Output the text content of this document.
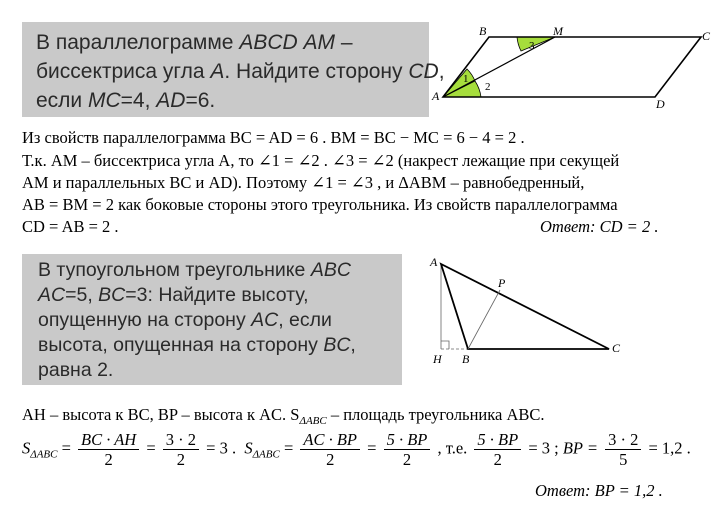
В параллелограмме ABCD AM –
биссектриса угла A. Найдите сторону CD,
если MC=4, AD=6.
B	M	C
A
D
1
2
3
Из свойств параллелограмма BC = AD = 6 . BM = BC − MC = 6 − 4 = 2 .
Т.к. AM – биссектриса угла A, то ∠1 = ∠2 . ∠3 = ∠2 (накрест лежащие при секущей
AM и параллельных BC и AD). Поэтому ∠1 = ∠3 , и ΔABM – равнобедренный,
AB = BM = 2 как боковые стороны этого треугольника. Из свойств параллелограмма
CD = AB = 2 .	Ответ: CD = 2 .
В тупоугольном треугольнике ABC
AC=5, BC=3: Найдите высоту,
опущенную на сторону AC, если
высота, опущенная на сторону BC,
равна 2.
A
P
H B
C
AH – высота к BC, BP – высота к AC. $S_{\Delta ABC}$ – площадь треугольника ABC.
$S_{\Delta ABC} = \frac{BC \cdot AH}{2} = \frac{3 \cdot 2}{2} = 3$ . $S_{\Delta ABC} = \frac{AC \cdot BP}{2} = \frac{5 \cdot BP}{2}$ , т.е. $\frac{5 \cdot BP}{2} = 3$ ; BP = $\frac{3 \cdot 2}{5} = 1,2$ .
Ответ: BP = 1,2 .
